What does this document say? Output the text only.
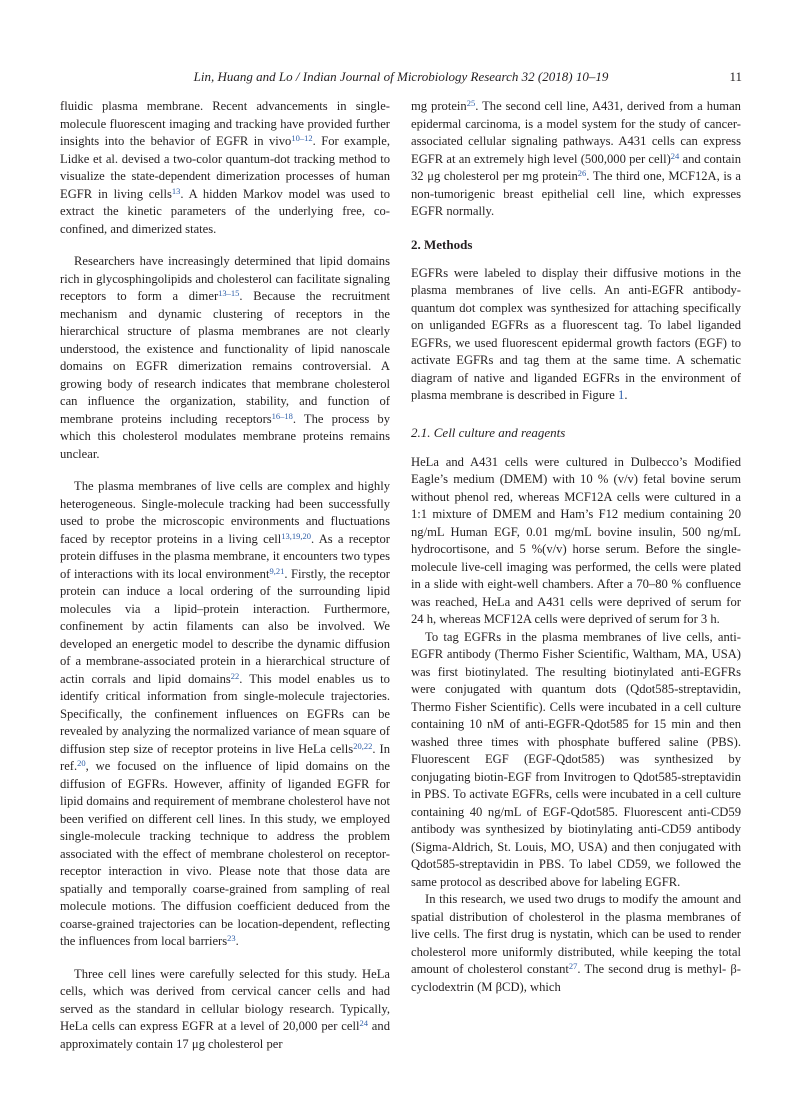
Lin, Huang and Lo / Indian Journal of Microbiology Research 32 (2018) 10–19	11

fluidic plasma membrane. Recent advancements in single-molecule fluorescent imaging and tracking have provided further insights into the behavior of EGFR in vivo$^{10-12}$. For example, Lidke et al. devised a two-color quantum-dot tracking method to visualize the state-dependent dimerization processes of human EGFR in living cells$^{13}$. A hidden Markov model was used to extract the kinetic parameters of the underlying free, co-confined, and dimerized states.

Researchers have increasingly determined that lipid domains rich in glycosphingolipids and cholesterol can facilitate signaling receptors to form a dimer$^{13-15}$. Because the recruitment mechanism and dynamic clustering of receptors in the hierarchical structure of plasma membranes are not clearly understood, the existence and functionality of lipid nanoscale domains on EGFR dimerization remains controversial. A growing body of research indicates that membrane cholesterol can influence the organization, stability, and function of membrane proteins including receptors$^{16-18}$. The process by which this cholesterol modulates membrane proteins remains unclear.

The plasma membranes of live cells are complex and highly heterogeneous. Single-molecule tracking had been successfully used to probe the microscopic environments and fluctuations faced by receptor proteins in a living cell$^{13,19,20}$. As a receptor protein diffuses in the plasma membrane, it encounters two types of interactions with its local environment$^{9,21}$. Firstly, the receptor protein can induce a local ordering of the surrounding lipid molecules via a lipid–protein interaction. Furthermore, confinement by actin filaments can also be involved. We developed an energetic model to describe the dynamic diffusion of a membrane-associated protein in a hierarchical structure of actin corrals and lipid domains$^{22}$. This model enables us to identify critical information from single-molecule trajectories. Specifically, the confinement influences on EGFRs can be revealed by analyzing the normalized variance of mean square of diffusion step size of receptor proteins in live HeLa cells$^{20,22}$. In ref.$^{20}$, we focused on the influence of lipid domains on the diffusion of EGFRs. However, affinity of liganded EGFR for lipid domains and requirement of membrane cholesterol have not been verified on different cell lines. In this study, we employed single-molecule tracking technique to address the problem associated with the effect of membrane cholesterol on receptor-receptor interaction in vivo. Please note that those data are spatially and temporally coarse-grained from sampling of real molecule motions. The diffusion coefficient deduced from the coarse-grained trajectories can be location-dependent, reflecting the influences from local barriers$^{23}$.

Three cell lines were carefully selected for this study. HeLa cells, which was derived from cervical cancer cells and had served as the standard in cellular biology research. Typically, HeLa cells can express EGFR at a level of 20,000 per cell$^{24}$ and approximately contain 17 μg cholesterol per

mg protein$^{25}$. The second cell line, A431, derived from a human epidermal carcinoma, is a model system for the study of cancer-associated cellular signaling pathways. A431 cells can express EGFR at an extremely high level (500,000 per cell)$^{24}$ and contain 32 μg cholesterol per mg protein$^{26}$. The third one, MCF12A, is a non-tumorigenic breast epithelial cell line, which expresses EGFR normally.

2. Methods

EGFRs were labeled to display their diffusive motions in the plasma membranes of live cells. An anti-EGFR antibody-quantum dot complex was synthesized for attaching specifically on unliganded EGFRs as a fluorescent tag. To label liganded EGFRs, we used fluorescent epidermal growth factors (EGF) to activate EGFRs and tag them at the same time. A schematic diagram of native and liganded EGFRs in the environment of plasma membrane is described in Figure 1.

2.1. Cell culture and reagents

HeLa and A431 cells were cultured in Dulbecco’s Modified Eagle’s medium (DMEM) with 10 % (v/v) fetal bovine serum without phenol red, whereas MCF12A cells were cultured in a 1:1 mixture of DMEM and Ham’s F12 medium containing 20 ng/mL Human EGF, 0.01 mg/mL bovine insulin, 500 ng/mL hydrocortisone, and 5 %(v/v) horse serum. Before the single-molecule live-cell imaging was performed, the cells were plated in a slide with eight-well chambers. After a 70–80 % confluence was reached, HeLa and A431 cells were deprived of serum for 24 h, whereas MCF12A cells were deprived of serum for 3 h.

To tag EGFRs in the plasma membranes of live cells, anti-EGFR antibody (Thermo Fisher Scientific, Waltham, MA, USA) was first biotinylated. The resulting biotinylated anti-EGFRs were conjugated with quantum dots (Qdot585-streptavidin, Thermo Fisher Scientific). Cells were incubated in a cell culture containing 10 nM of anti-EGFR-Qdot585 for 15 min and then washed three times with phosphate buffered saline (PBS). Fluorescent EGF (EGF-Qdot585) was synthesized by conjugating biotin-EGF from Invitrogen to Qdot585-streptavidin in PBS. To activate EGFRs, cells were incubated in a cell culture containing 40 ng/mL of EGF-Qdot585. Fluorescent anti-CD59 antibody was synthesized by biotinylating anti-CD59 antibody (Sigma-Aldrich, St. Louis, MO, USA) and then conjugated with Qdot585-streptavidin in PBS. To label CD59, we followed the same protocol as described above for labeling EGFR.

In this research, we used two drugs to modify the amount and spatial distribution of cholesterol in the plasma membranes of live cells. The first drug is nystatin, which can be used to render cholesterol more uniformly distributed, while keeping the total amount of cholesterol constant$^{27}$. The second drug is methyl- β-cyclodextrin (M βCD), which
